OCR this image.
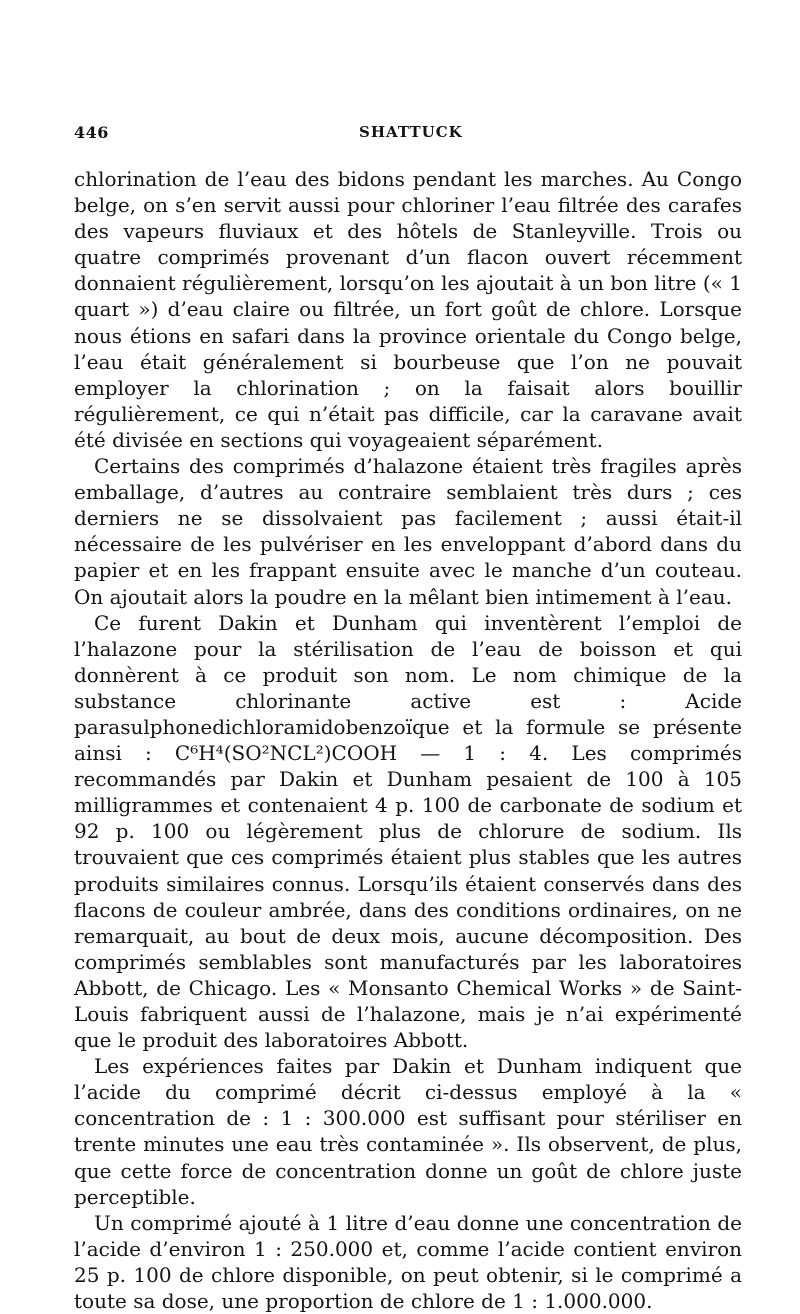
446	SHATTUCK

chlorination de l’eau des bidons pendant les marches. Au Congo belge, on s’en servit aussi pour chloriner l’eau filtrée des carafes des vapeurs fluviaux et des hôtels de Stanleyville. Trois ou quatre comprimés provenant d’un flacon ouvert récemment donnaient régulièrement, lorsqu’on les ajoutait à un bon litre (« 1 quart ») d’eau claire ou filtrée, un fort goût de chlore. Lorsque nous étions en safari dans la province orientale du Congo belge, l’eau était généralement si bourbeuse que l’on ne pouvait employer la chlorination ; on la faisait alors bouillir régulièrement, ce qui n’était pas difficile, car la caravane avait été divisée en sections qui voyageaient séparément.

Certains des comprimés d’halazone étaient très fragiles après emballage, d’autres au contraire semblaient très durs ; ces derniers ne se dissolvaient pas facilement ; aussi était-il nécessaire de les pulvériser en les enveloppant d’abord dans du papier et en les frappant ensuite avec le manche d’un couteau. On ajoutait alors la poudre en la mêlant bien intimement à l’eau.

Ce furent Dakin et Dunham qui inventèrent l’emploi de l’halazone pour la stérilisation de l’eau de boisson et qui donnèrent à ce produit son nom. Le nom chimique de la substance chlorinante active est : Acide parasulphonedichloramidobenzoïque et la formule se présente ainsi : C⁶H⁴(SO²NCL²)COOH — 1 : 4. Les comprimés recommandés par Dakin et Dunham pesaient de 100 à 105 milligrammes et contenaient 4 p. 100 de carbonate de sodium et 92 p. 100 ou légèrement plus de chlorure de sodium. Ils trouvaient que ces comprimés étaient plus stables que les autres produits similaires connus. Lorsqu’ils étaient conservés dans des flacons de couleur ambrée, dans des conditions ordinaires, on ne remarquait, au bout de deux mois, aucune décomposition. Des comprimés semblables sont manufacturés par les laboratoires Abbott, de Chicago. Les « Monsanto Chemical Works » de Saint-Louis fabriquent aussi de l’halazone, mais je n’ai expérimenté que le produit des laboratoires Abbott.

Les expériences faites par Dakin et Dunham indiquent que l’acide du comprimé décrit ci-dessus employé à la « concentration de : 1 : 300.000 est suffisant pour stériliser en trente minutes une eau très contaminée ». Ils observent, de plus, que cette force de concentration donne un goût de chlore juste perceptible.

Un comprimé ajouté à 1 litre d’eau donne une concentration de l’acide d’environ 1 : 250.000 et, comme l’acide contient environ 25 p. 100 de chlore disponible, on peut obtenir, si le comprimé a toute sa dose, une proportion de chlore de 1 : 1.000.000.
